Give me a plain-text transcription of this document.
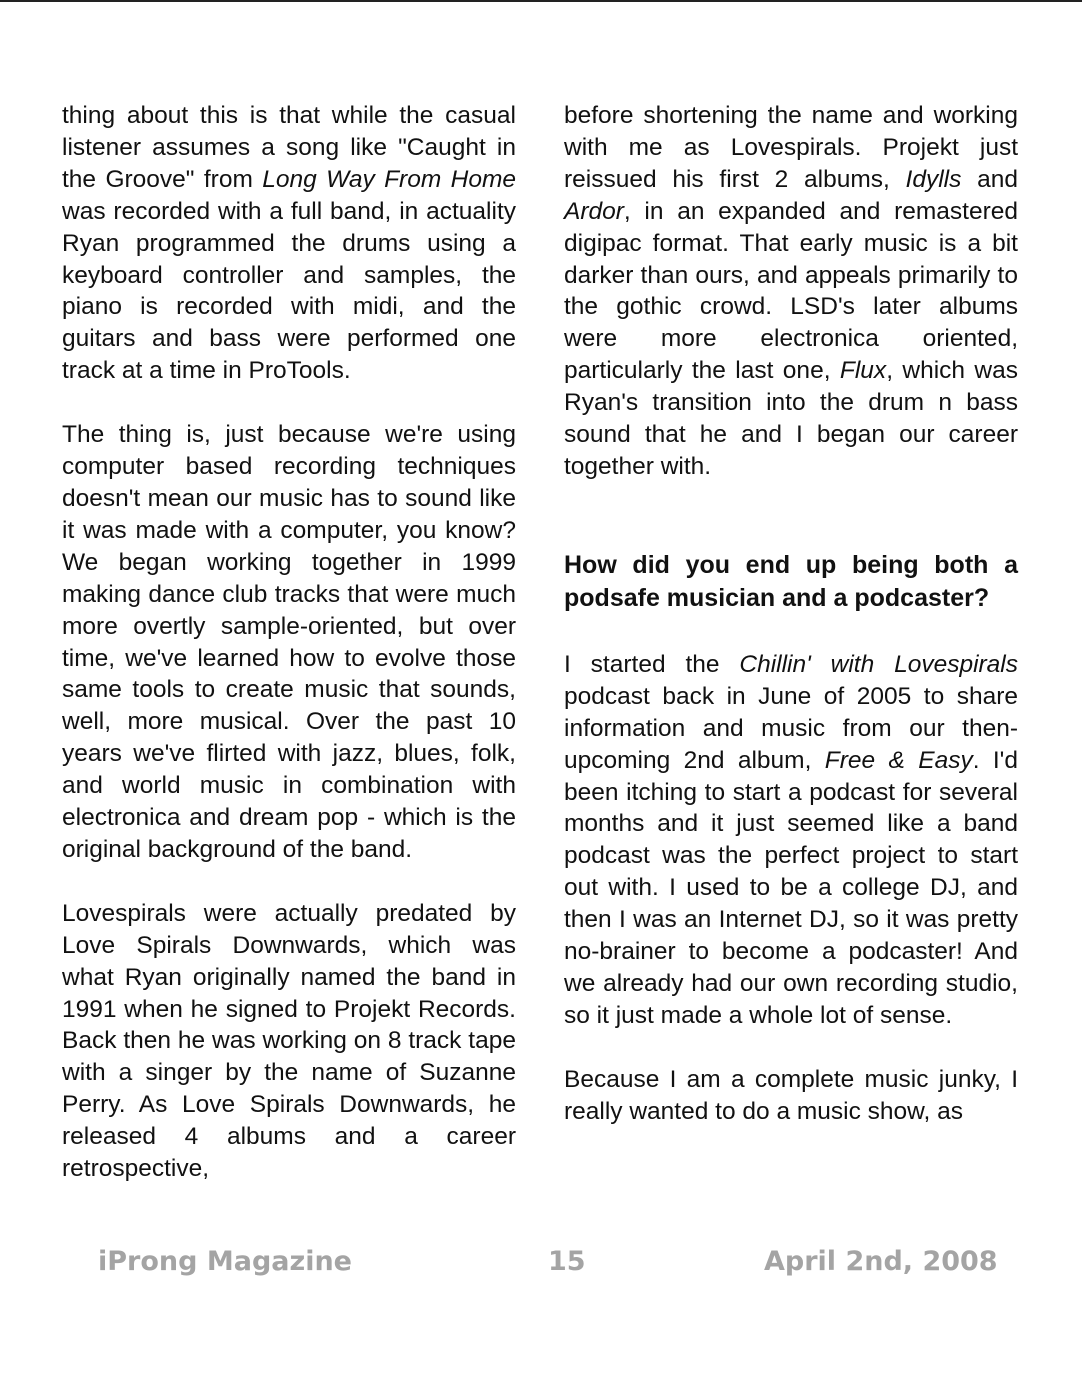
thing about this is that while the casual listener assumes a song like "Caught in the Groove" from Long Way From Home was recorded with a full band, in actuality Ryan programmed the drums using a keyboard controller and samples, the piano is recorded with midi, and the guitars and bass were performed one track at a time in ProTools.

The thing is, just because we're using computer based recording techniques doesn't mean our music has to sound like it was made with a computer, you know? We began working together in 1999 making dance club tracks that were much more overtly sample-oriented, but over time, we've learned how to evolve those same tools to create music that sounds, well, more musical. Over the past 10 years we've flirted with jazz, blues, folk, and world music in combination with electronica and dream pop - which is the original background of the band.

Lovespirals were actually predated by Love Spirals Downwards, which was what Ryan originally named the band in 1991 when he signed to Projekt Records. Back then he was working on 8 track tape with a singer by the name of Suzanne Perry. As Love Spirals Downwards, he released 4 albums and a career retrospective,

before shortening the name and working with me as Lovespirals. Projekt just reissued his first 2 albums, Idylls and Ardor, in an expanded and remastered digipac format. That early music is a bit darker than ours, and appeals primarily to the gothic crowd. LSD's later albums were more electronica oriented, particularly the last one, Flux, which was Ryan's transition into the drum n bass sound that he and I began our career together with.

How did you end up being both a podsafe musician and a podcaster?

I started the Chillin' with Lovespirals podcast back in June of 2005 to share information and music from our then-upcoming 2nd album, Free & Easy. I'd been itching to start a podcast for several months and it just seemed like a band podcast was the perfect project to start out with. I used to be a college DJ, and then I was an Internet DJ, so it was pretty no-brainer to become a podcaster! And we already had our own recording studio, so it just made a whole lot of sense.

Because I am a complete music junky, I really wanted to do a music show, as

iProng Magazine	15	April 2nd, 2008
